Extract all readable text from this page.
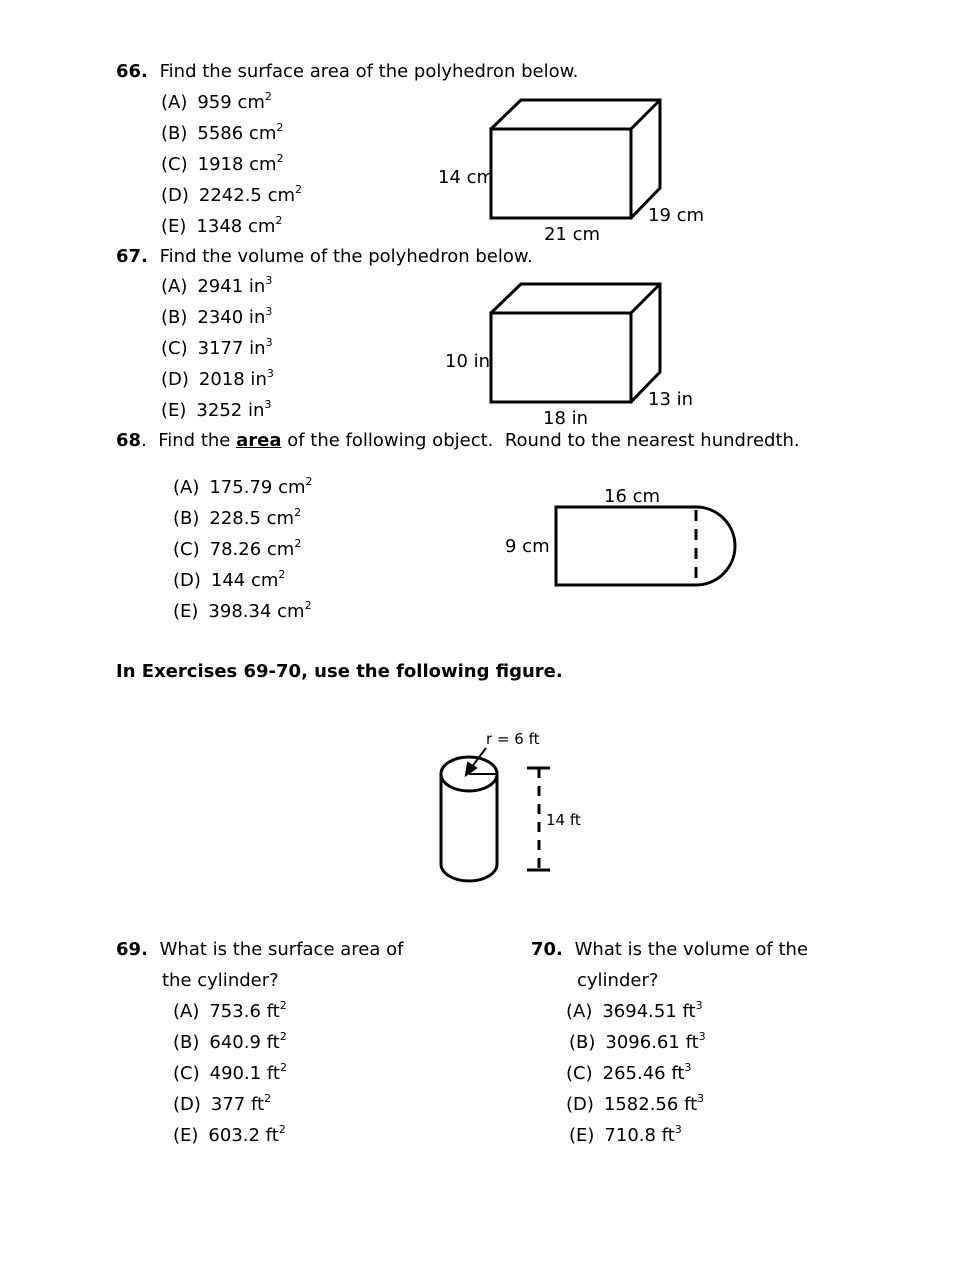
14 cm
21 cm
19 cm
10 in
18 in
13 in
16 cm
9 cm
r = 6 ft
14 ft
66. Find the surface area of the polyhedron below.
(A) 959 $cm^2$
(B) 5586 $cm^2$
(C) 1918 $cm^2$
(D) 2242.5 $cm^2$
(E) 1348 $cm^2$
67. Find the volume of the polyhedron below.
(A) 2941 $in^3$
(B) 2340 $in^3$
(C) 3177 $in^3$
(D) 2018 $in^3$
(E) 3252 $in^3$
68.  Find the area of the following object.  Round to the nearest hundredth.
(A) 175.79 $cm^2$
(B) 228.5 $cm^2$
(C) 78.26 $cm^2$
(D) 144 $cm^2$
(E) 398.34 $cm^2$
In Exercises 69-70, use the following figure.
69. What is the surface area of
the cylinder?
(A) 753.6 $ft^2$
(B) 640.9 $ft^2$
(C) 490.1 $ft^2$
(D) 377 $ft^2$
(E) 603.2 $ft^2$
70. What is the volume of the
cylinder?
(A) 3694.51 $ft^3$
(B) 3096.61 $ft^3$
(C) 265.46 $ft^3$
(D) 1582.56 $ft^3$
(E) 710.8 $ft^3$
